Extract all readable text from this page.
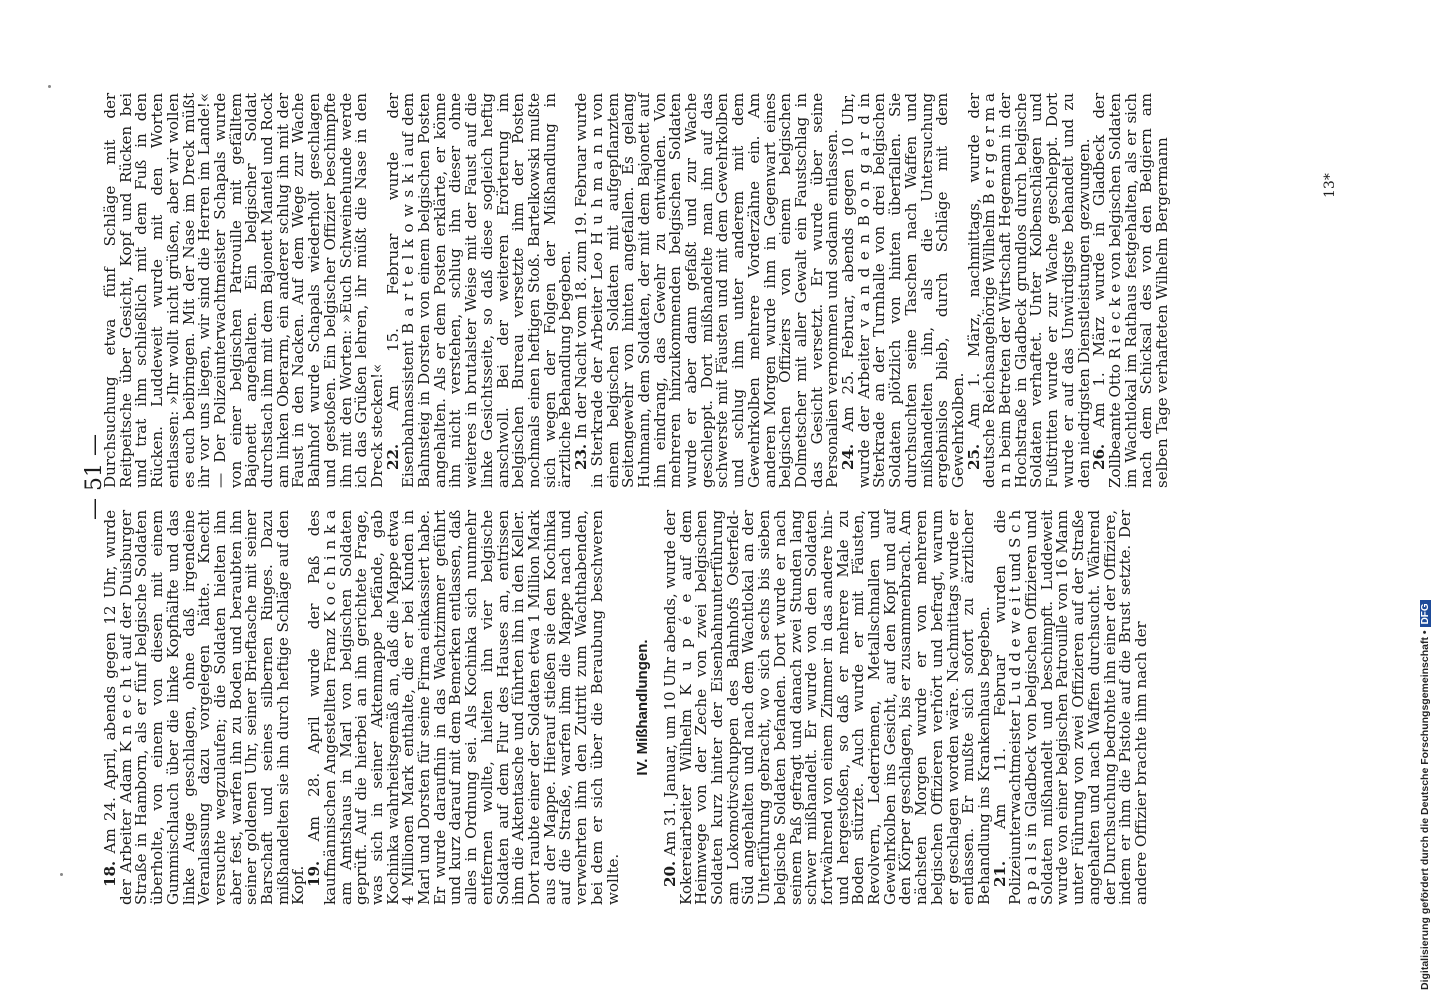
— 51 —

Durchsuchung etwa fünf Schläge mit der Reitpeitsche über Gesicht, Kopf und Rücken bei und trat ihm schließlich mit dem Fuß in den Rücken. Luddeweit wurde mit den Worten entlassen: »Ihr wollt nicht grüßen, aber wir wollen es euch beibringen. Mit der Nase im Dreck müßt ihr vor uns liegen, wir sind die Herren im Lande!« — Der Polizeiunterwachtmeister Schapals wurde von einer belgischen Patrouille mit gefälltem Bajonett angehalten. Ein belgischer Soldat durchstach ihm mit dem Bajonett Mantel und Rock am linken Oberarm, ein anderer schlug ihn mit der Faust in den Nacken. Auf dem Wege zur Wache Bahnhof wurde Schapals wiederholt geschlagen und gestoßen. Ein belgischer Offizier beschimpfte ihn mit den Worten: »Euch Schweinehunde werde ich das Grüßen lehren, ihr müßt die Nase in den Dreck stecken!«

22. Am 15. Februar wurde der Eisenbahnassistent B a r t e l k o w s k i auf dem Bahnsteig in Dorsten von einem belgischen Posten angehalten. Als er dem Posten erklärte, er könne ihn nicht verstehen, schlug ihn dieser ohne weiteres in brutalster Weise mit der Faust auf die linke Gesichtsseite, so daß diese sogleich heftig anschwoll. Bei der weiteren Erörterung im belgischen Bureau versetzte ihm der Posten nochmals einen heftigen Stoß. Bartelkowski mußte sich wegen der Folgen der Mißhandlung in ärztliche Behandlung begeben.

23. In der Nacht vom 18. zum 19. Februar wurde in Sterkrade der Arbeiter Leo H u h m a n n von einem belgischen Soldaten mit aufgepflanztem Seitengewehr von hinten angefallen. Es gelang Huhmann, dem Soldaten, der mit dem Bajonett auf ihn eindrang, das Gewehr zu entwinden. Von mehreren hinzukommenden belgischen Soldaten wurde er aber dann gefaßt und zur Wache geschleppt. Dort mißhandelte man ihn auf das schwerste mit Fäusten und mit dem Gewehrkolben und schlug ihm unter anderem mit dem Gewehrkolben mehrere Vorderzähne ein. Am anderen Morgen wurde ihm in Gegenwart eines belgischen Offiziers von einem belgischen Dolmetscher mit aller Gewalt ein Faustschlag in das Gesicht versetzt. Er wurde über seine Personalien vernommen und sodann entlassen.

24. Am 25. Februar, abends gegen 10 Uhr, wurde der Arbeiter v a n d e n B o n g a r d in Sterkrade an der Turnhalle von drei belgischen Soldaten plötzlich von hinten überfallen. Sie durchsuchten seine Taschen nach Waffen und mißhandelten ihn, als die Untersuchung ergebnislos blieb, durch Schläge mit dem Gewehrkolben.

25. Am 1. März, nachmittags, wurde der deutsche Reichsangehörige Wilhelm B e r g e r m a n n beim Betreten der Wirtschaft Hegemann in der Hochstraße in Gladbeck grundlos durch belgische Soldaten verhaftet. Unter Kolbenschlägen und Fußtritten wurde er zur Wache geschleppt. Dort wurde er auf das Unwürdigste behandelt und zu den niedrigsten Dienstleistungen gezwungen.

26. Am 1. März wurde in Gladbeck der Zollbeamte Otto R i e c k e von belgischen Soldaten im Wachtlokal im Rathaus festgehalten, als er sich nach dem Schicksal des von den Belgiern am selben Tage verhafteten Wilhelm Bergermann

18. Am 24. April, abends gegen 12 Uhr, wurde der Arbeiter Adam K n e c h t auf der Duisburger Straße in Hamborn, als er fünf belgische Soldaten überholte, von einem von diesen mit einem Gummischlauch über die linke Kopfhälfte und das linke Auge geschlagen, ohne daß irgendeine Veranlassung dazu vorgelegen hätte. Knecht versuchte wegzulaufen; die Soldaten hielten ihn aber fest, warfen ihn zu Boden und beraubten ihn seiner goldenen Uhr, seiner Brieftasche mit seiner Barschaft und seines silbernen Ringes. Dazu mißhandelten sie ihn durch heftige Schläge auf den Kopf.

19. Am 28. April wurde der Paß des kaufmännischen Angestellten Franz K o c h i n k a am Amtshaus in Marl von belgischen Soldaten geprüft. Auf die hierbei an ihn gerichtete Frage, was sich in seiner Aktenmappe befände, gab Kochinka wahrheitsgemäß an, daß die Mappe etwa 4 Millionen Mark enthalte, die er bei Kunden in Marl und Dorsten für seine Firma einkassiert habe. Er wurde daraufhin in das Wachtzimmer geführt und kurz darauf mit dem Bemerken entlassen, daß alles in Ordnung sei. Als Kochinka sich nunmehr entfernen wollte, hielten ihn vier belgische Soldaten auf dem Flur des Hauses an, entrissen ihm die Aktentasche und führten ihn in den Keller. Dort raubte einer der Soldaten etwa 1 Million Mark aus der Mappe. Hierauf stießen sie den Kochinka auf die Straße, warfen ihm die Mappe nach und verwehrten ihm den Zutritt zum Wachthabenden, bei dem er sich über die Beraubung beschweren wollte.

IV. Mißhandlungen.

20. Am 31. Januar, um 10 Uhr abends, wurde der Kokereiarbeiter Wilhelm K u p é e auf dem Heimwege von der Zeche von zwei belgischen Soldaten kurz hinter der Eisenbahnunterführung am Lokomotivschuppen des Bahnhofs Osterfeld-Süd angehalten und nach dem Wachtlokal an der Unterführung gebracht, wo sich sechs bis sieben belgische Soldaten befanden. Dort wurde er nach seinem Paß gefragt und danach zwei Stunden lang schwer mißhandelt. Er wurde von den Soldaten fortwährend von einem Zimmer in das andere hin- und hergestoßen, so daß er mehrere Male zu Boden stürzte. Auch wurde er mit Fäusten, Revolvern, Lederriemen, Metallschnallen und Gewehrkolben ins Gesicht, auf den Kopf und auf den Körper geschlagen, bis er zusammenbrach. Am nächsten Morgen wurde er von mehreren belgischen Offizieren verhört und befragt, warum er geschlagen worden wäre. Nachmittags wurde er entlassen. Er mußte sich sofort zu ärztlicher Behandlung ins Krankenhaus begeben.

21. Am 11. Februar wurden die Polizeiunterwachtmeister L u d d e w e i t und S c h a p a l s in Gladbeck von belgischen Offizieren und Soldaten mißhandelt und beschimpft. Luddeweit wurde von einer belgischen Patrouille von 16 Mann unter Führung von zwei Offizieren auf der Straße angehalten und nach Waffen durchsucht. Während der Durchsuchung bedrohte ihn einer der Offiziere, indem er ihm die Pistole auf die Brust setzte. Der andere Offizier brachte ihm nach der

13*
Digitalisierung gefördert durch die Deutsche Forschungsgemeinschaft •DFG
